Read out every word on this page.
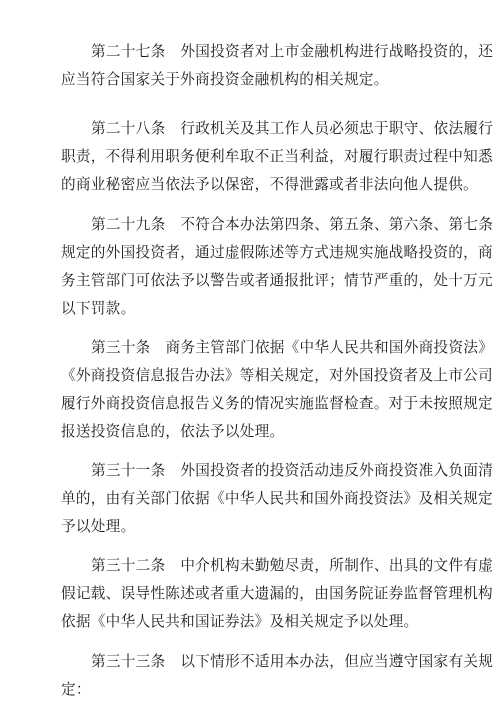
第二十七条　外国投资者对上市金融机构进行战略投资的，还
应当符合国家关于外商投资金融机构的相关规定。
第二十八条　行政机关及其工作人员必须忠于职守、依法履行
职责，不得利用职务便利牟取不正当利益，对履行职责过程中知悉
的商业秘密应当依法予以保密，不得泄露或者非法向他人提供。
第二十九条　不符合本办法第四条、第五条、第六条、第七条
规定的外国投资者，通过虚假陈述等方式违规实施战略投资的，商
务主管部门可依法予以警告或者通报批评；情节严重的，处十万元
以下罚款。
第三十条　商务主管部门依据《中华人民共和国外商投资法》
《外商投资信息报告办法》等相关规定，对外国投资者及上市公司
履行外商投资信息报告义务的情况实施监督检查。对于未按照规定
报送投资信息的，依法予以处理。
第三十一条　外国投资者的投资活动违反外商投资准入负面清
单的，由有关部门依据《中华人民共和国外商投资法》及相关规定
予以处理。
第三十二条　中介机构未勤勉尽责，所制作、出具的文件有虚
假记载、误导性陈述或者重大遗漏的，由国务院证券监督管理机构
依据《中华人民共和国证券法》及相关规定予以处理。
第三十三条　以下情形不适用本办法，但应当遵守国家有关规
定：
